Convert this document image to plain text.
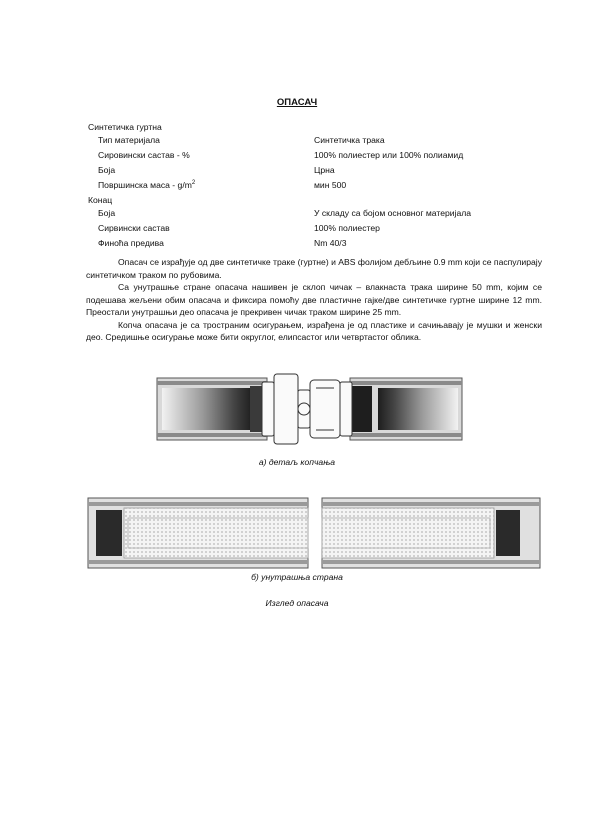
ОПАСАЧ
Синтетичка гуртна
Тип материјала	Синтетичка трака
Сировински састав - %	100% полиестер или 100% полиамид
Боја	Црна
Површинска маса - $g/m^2$	мин 500
Конац
Боја	У складу са бојом основног материјала
Сирвински састав	100% полиестер
Финоћа предива	Nm 40/3

Опасач се израђује од две синтетичке траке (гуртне) и ABS фолијом дебљине 0.9 mm који се паспулирају синтетичком траком по рубовима.

Са унутрашње стране опасача нашивен је склоп чичак – влакнаста трака ширине 50 mm, којим се подешава жељени обим опасача и фиксира помоћу две пластичне гајке/две синтетичке гуртне ширине 12 mm. Преостали унутрашњи део опасача је прекривен чичак траком ширине 25 mm.

Копча опасача је са тространим осигурањем, израђена је од пластике и сачињавају је мушки и женски део. Средишње осигурање може бити округлог, елипсастог или четвртастог облика.

а) детаљ копчања
б) унутрашња страна
Изглед опасача
